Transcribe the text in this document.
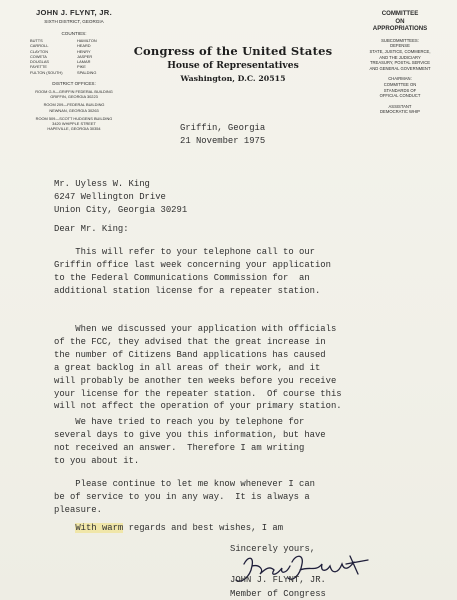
JOHN J. FLYNT, JR.
SIXTH DISTRICT, GEORGIA
COUNTIES:
BUTTS	HAMILTON
CARROLL	HEARD
CLAYTON	HENRY
COWETA	JASPER
DOUGLAS	LAMAR
FAYETTE	PIKE
FULTON (SOUTH)	SPALDING
DISTRICT OFFICES:
ROOM G-9—GRIFFIN FEDERAL BUILDING
GRIFFIN, GEORGIA 30223
ROOM 209—FEDERAL BUILDING
NEWNAN, GEORGIA 30263
ROOM 509—SCOTT HUDGENS BUILDING
3420 WHIPPLE STREET
HAPEVILLE, GEORGIA 30354
Congress of the United States
House of Representatives
Washington, D.C. 20515
COMMITTEE
ON
APPROPRIATIONS
SUBCOMMITTEES:
DEFENSE
STATE, JUSTICE, COMMERCE,
AND THE JUDICIARY
TREASURY, POSTAL SERVICE
AND GENERAL GOVERNMENT
CHAIRMAN:
COMMITTEE ON
STANDARDS OF
OFFICIAL CONDUCT
ASSISTANT
DEMOCRATIC WHIP
Griffin, Georgia
21 November 1975
Mr. Uyless W. King
6247 Wellington Drive
Union City, Georgia 30291
Dear Mr. King:
This will refer to your telephone call to our
Griffin office last week concerning your application
to the Federal Communications Commission for  an
additional station license for a repeater station.
When we discussed your application with officials
of the FCC, they advised that the great increase in
the number of Citizens Band applications has caused
a great backlog in all areas of their work, and it
will probably be another ten weeks before you receive
your license for the repeater station.  Of course this
will not affect the operation of your primary station.
We have tried to reach you by telephone for
several days to give you this information, but have
not received an answer.  Therefore I am writing
to you about it.
Please continue to let me know whenever I can
be of service to you in any way.  It is always a
pleasure.
With warm regards and best wishes, I am
Sincerely yours,
JOHN J. FLYNT, JR.
Member of Congress
